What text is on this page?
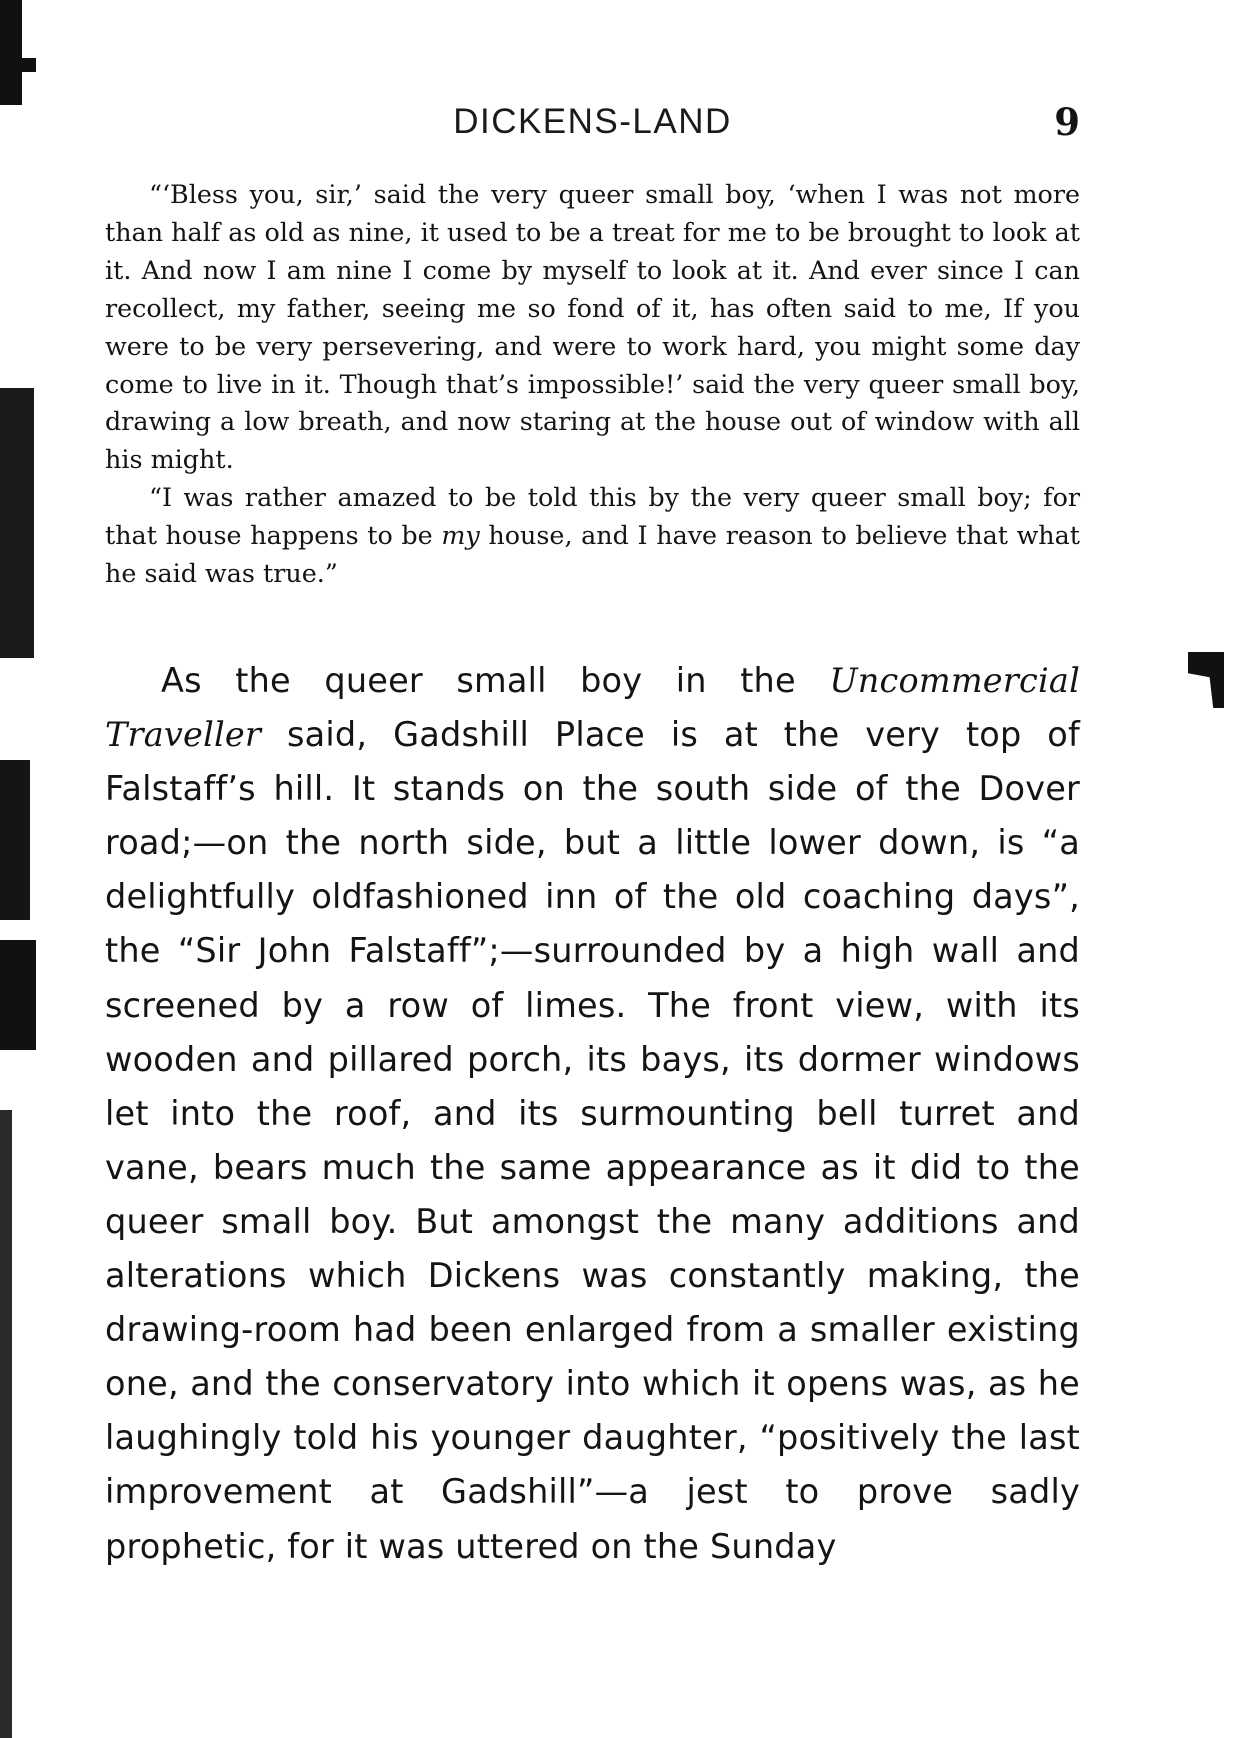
DICKENS-LAND	9

“‘Bless you, sir,’ said the very queer small boy, ‘when I was not more than half as old as nine, it used to be a treat for me to be brought to look at it. And now I am nine I come by myself to look at it. And ever since I can recollect, my father, seeing me so fond of it, has often said to me, If you were to be very persevering, and were to work hard, you might some day come to live in it. Though that’s impossible!’ said the very queer small boy, drawing a low breath, and now staring at the house out of window with all his might.

“I was rather amazed to be told this by the very queer small boy; for that house happens to be my house, and I have reason to believe that what he said was true.”

As the queer small boy in the Uncommercial Traveller said, Gadshill Place is at the very top of Falstaff’s hill. It stands on the south side of the Dover road;—on the north side, but a little lower down, is “a delightfully oldfashioned inn of the old coaching days”, the “Sir John Falstaff”;—surrounded by a high wall and screened by a row of limes. The front view, with its wooden and pillared porch, its bays, its dormer windows let into the roof, and its surmounting bell turret and vane, bears much the same appearance as it did to the queer small boy. But amongst the many additions and alterations which Dickens was constantly making, the drawing-room had been enlarged from a smaller existing one, and the conservatory into which it opens was, as he laughingly told his younger daughter, “positively the last improvement at Gadshill”—a jest to prove sadly prophetic, for it was uttered on the Sunday
